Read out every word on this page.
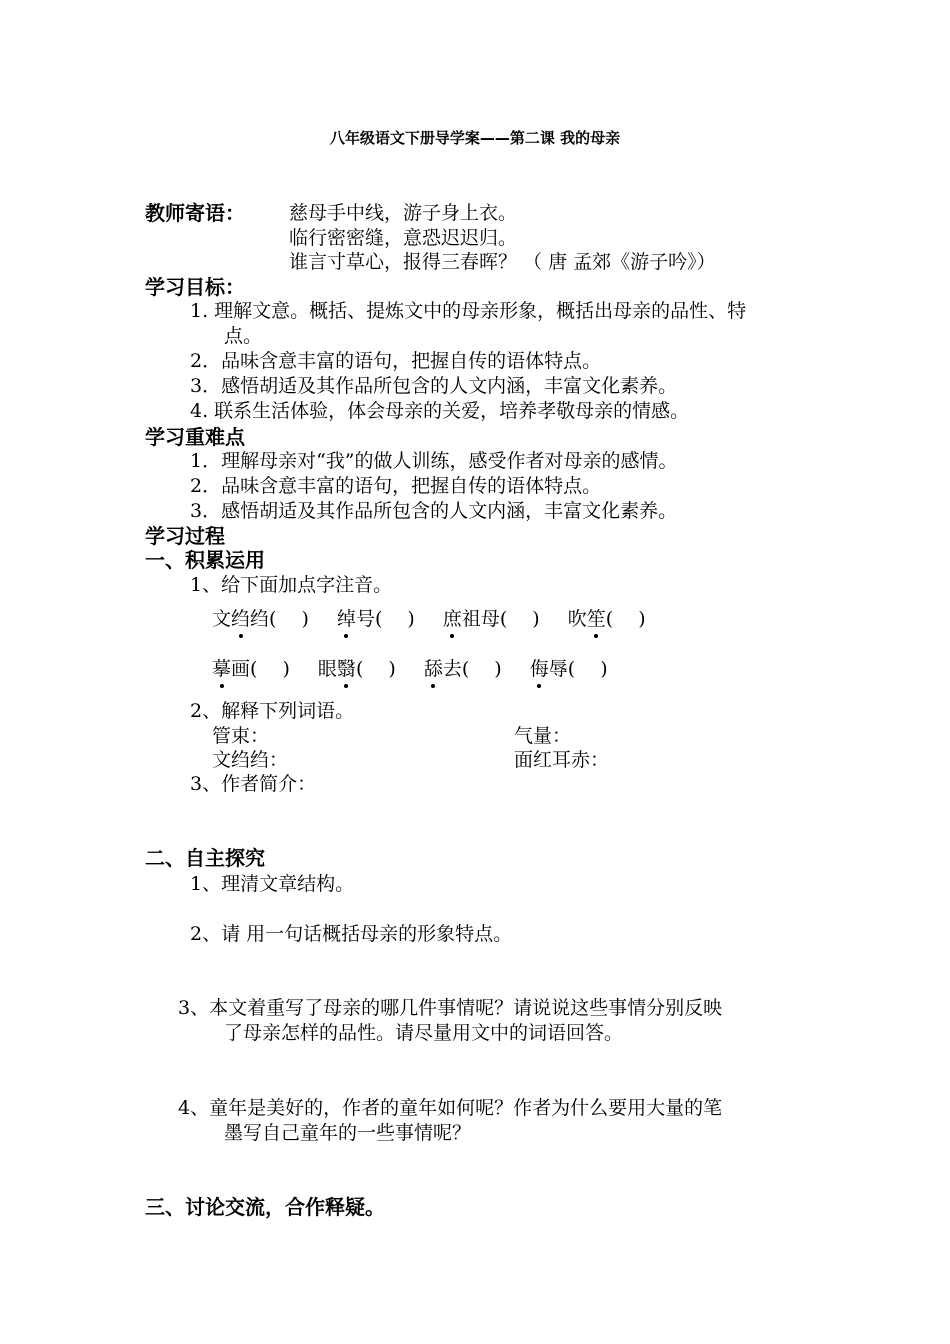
八年级语文下册导学案——第二课 我的母亲
教师寄语： 慈母手中线，游子身上衣。
临行密密缝，意恐迟迟归。
谁言寸草心，报得三春晖？ （ 唐 孟郊《游子吟》）
学习目标：
1. 理解文意。概括、提炼文中的母亲形象，概括出母亲的品性、特
点。
2．品味含意丰富的语句，把握自传的语体特点。
3．感悟胡适及其作品所包含的人文内涵，丰富文化素养。
4. 联系生活体验，体会母亲的关爱，培养孝敬母亲的情感。
学习重难点
1．理解母亲对“我”的做人训练，感受作者对母亲的感情。
2．品味含意丰富的语句，把握自传的语体特点。
3．感悟胡适及其作品所包含的人文内涵，丰富文化素养。
学习过程
一、积累运用
1、给下面加点字注音。
文绉绉(　 ) 绰号(　 ) 庶祖母(　 ) 吹笙(　 )
摹画(　 ) 眼翳(　 ) 舔去(　 ) 侮辱(　 )
2、解释下列词语。
管束：	气量：
文绉绉：	面红耳赤：
3、作者简介：
二、自主探究
1、理清文章结构。
2、请 用一句话概括母亲的形象特点。
3、本文着重写了母亲的哪几件事情呢？请说说这些事情分别反映
了母亲怎样的品性。请尽量用文中的词语回答。
4、童年是美好的，作者的童年如何呢？作者为什么要用大量的笔
墨写自己童年的一些事情呢？
三、讨论交流，合作释疑。
